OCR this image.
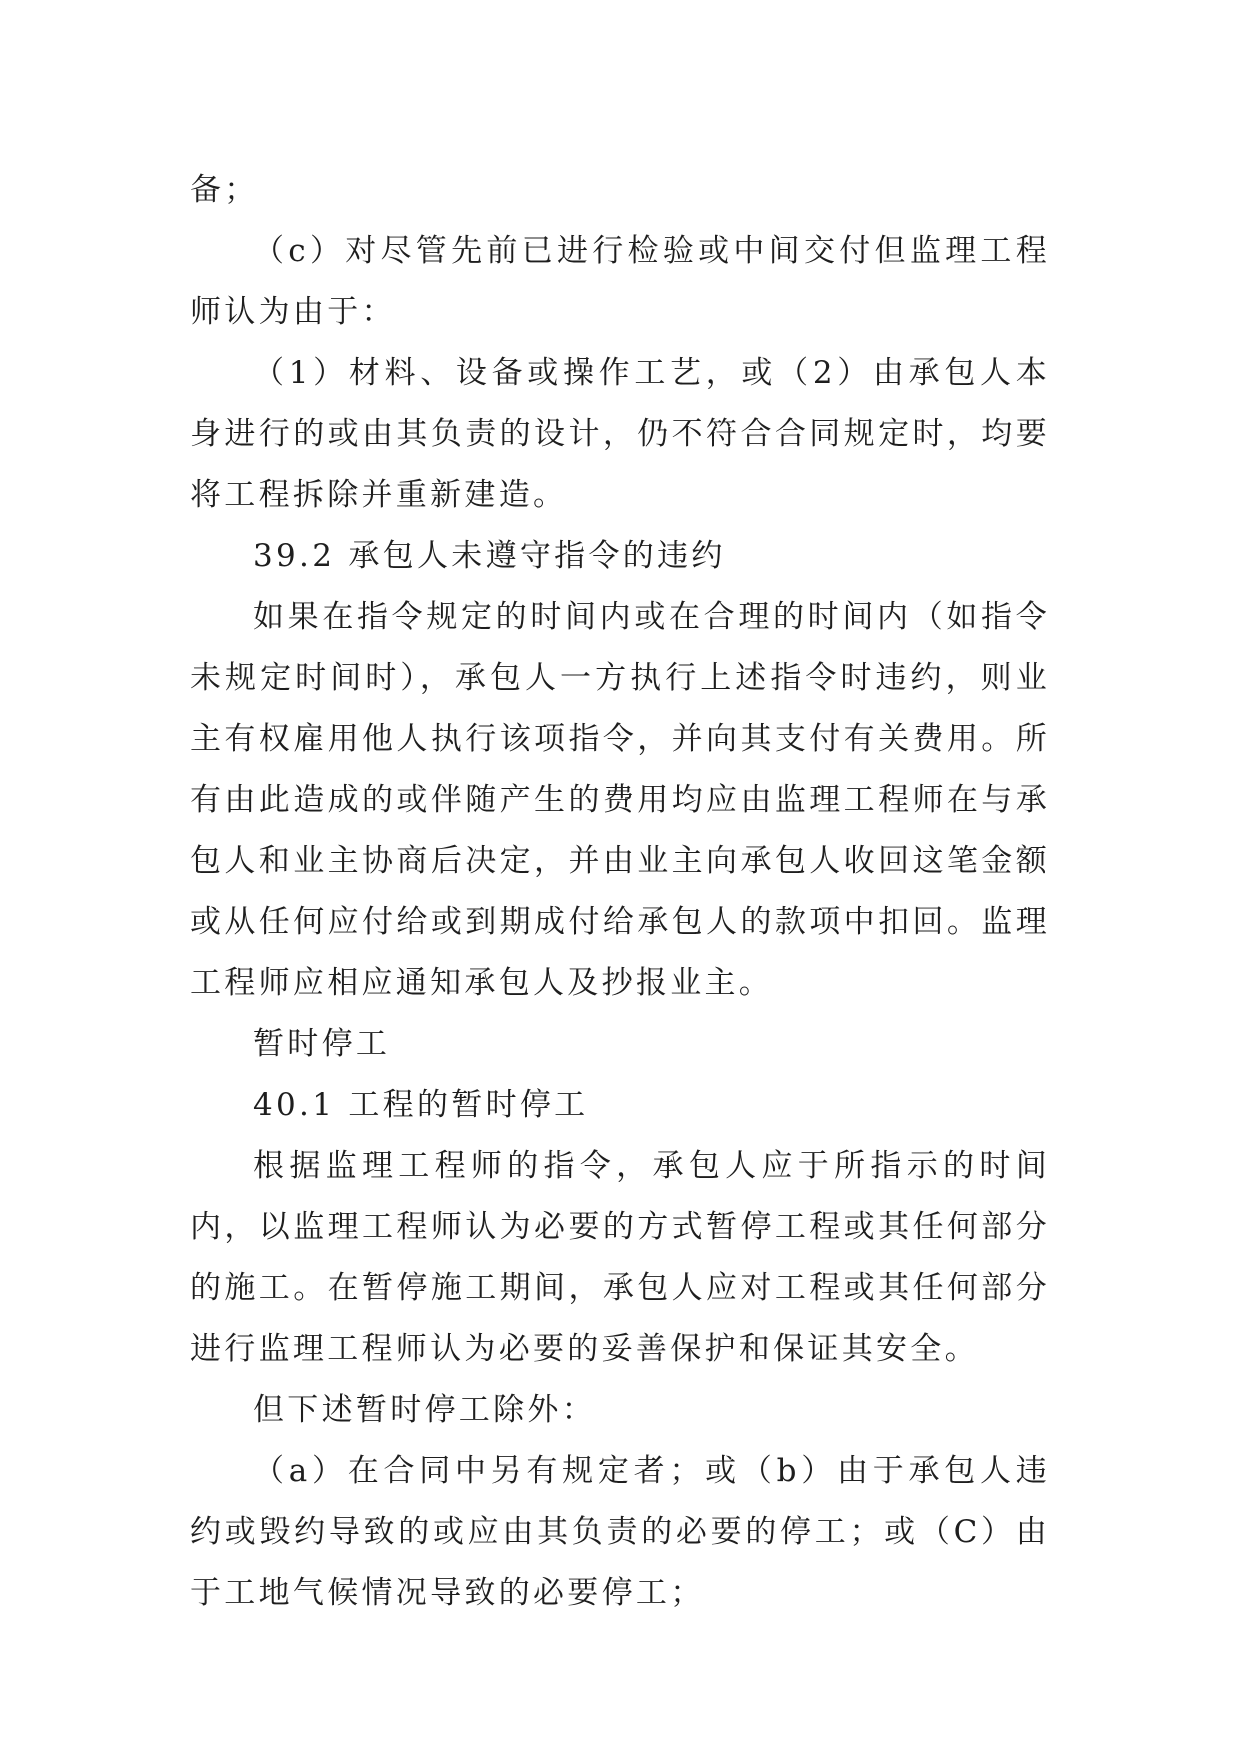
备；

（c）对尽管先前已进行检验或中间交付但监理工程师认为由于：

（1）材料、设备或操作工艺，或（2）由承包人本身进行的或由其负责的设计，仍不符合合同规定时，均要将工程拆除并重新建造。

39.2 承包人未遵守指令的违约

如果在指令规定的时间内或在合理的时间内（如指令未规定时间时），承包人一方执行上述指令时违约，则业主有权雇用他人执行该项指令，并向其支付有关费用。所有由此造成的或伴随产生的费用均应由监理工程师在与承包人和业主协商后决定，并由业主向承包人收回这笔金额或从任何应付给或到期成付给承包人的款项中扣回。监理工程师应相应通知承包人及抄报业主。

暂时停工

40.1 工程的暂时停工

根据监理工程师的指令，承包人应于所指示的时间内，以监理工程师认为必要的方式暂停工程或其任何部分的施工。在暂停施工期间，承包人应对工程或其任何部分进行监理工程师认为必要的妥善保护和保证其安全。

但下述暂时停工除外：

（a）在合同中另有规定者；或（b）由于承包人违约或毁约导致的或应由其负责的必要的停工；或（C）由于工地气候情况导致的必要停工；
